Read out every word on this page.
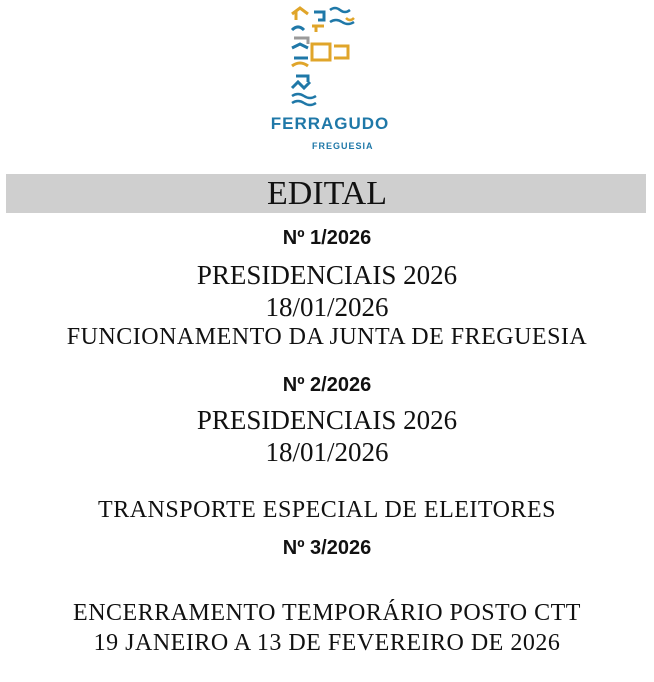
FERRAGUDO
FREGUESIA
EDITAL
Nº 1/2026
PRESIDENCIAIS 2026
18/01/2026
FUNCIONAMENTO DA JUNTA DE FREGUESIA
Nº 2/2026
PRESIDENCIAIS 2026
18/01/2026
TRANSPORTE ESPECIAL DE ELEITORES
Nº 3/2026
ENCERRAMENTO TEMPORÁRIO POSTO CTT
19 JANEIRO A 13 DE FEVEREIRO DE 2026
